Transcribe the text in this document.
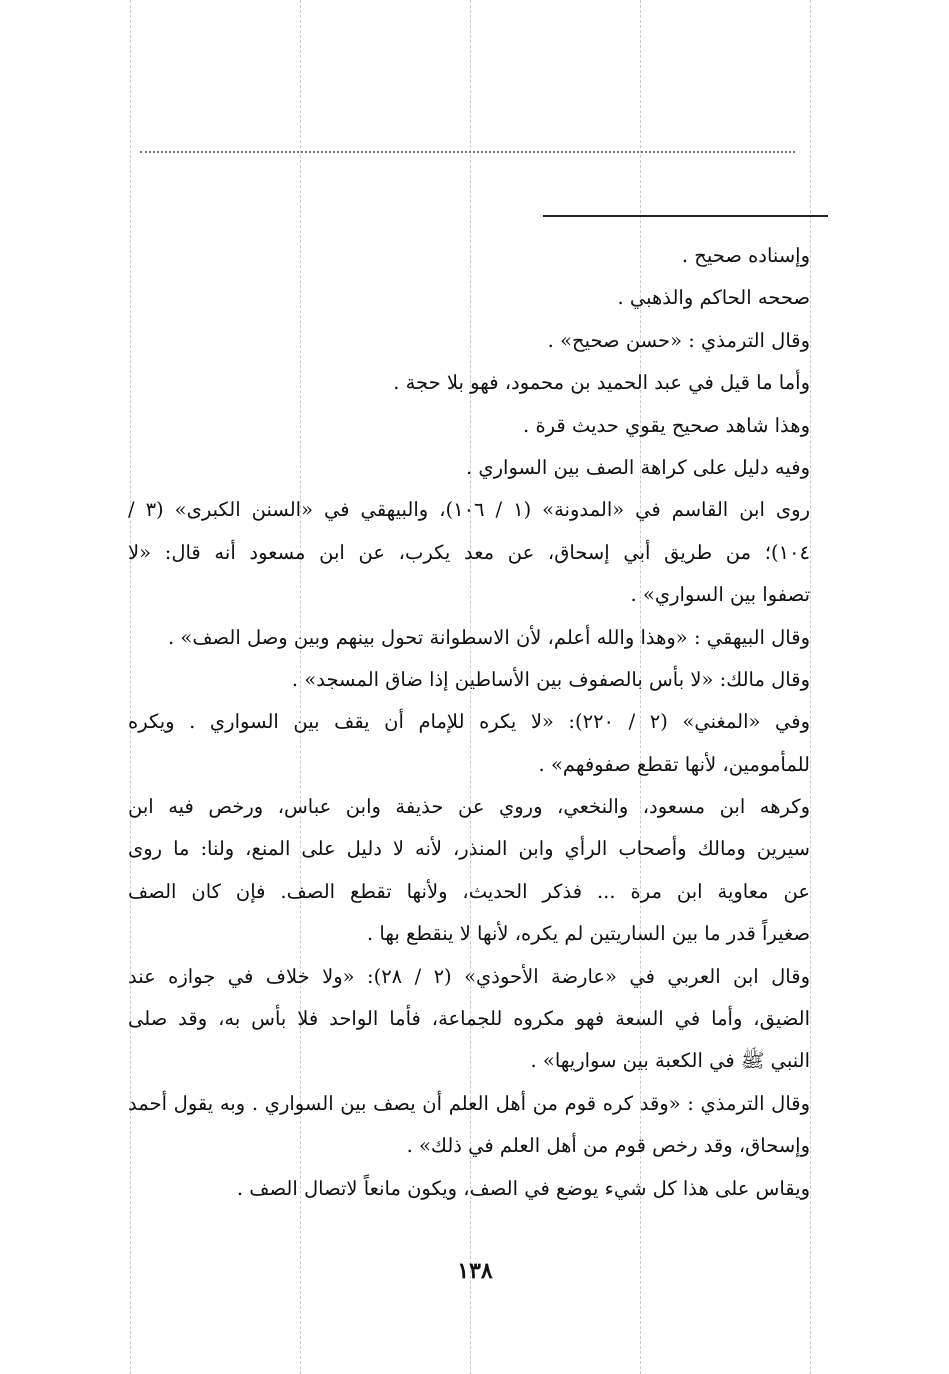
وإسناده صحيح .
صححه الحاكم والذهبي .
وقال الترمذي : «حسن صحيح» .
وأما ما قيل في عبد الحميد بن محمود، فهو بلا حجة .
وهذا شاهد صحيح يقوي حديث قرة .
وفيه دليل على كراهة الصف بين السواري .
روى ابن القاسم في «المدونة» (١ / ١٠٦)، والبيهقي في «السنن الكبرى» (٣ /
١٠٤)؛ من طريق أبي إسحاق، عن معد يكرب، عن ابن مسعود أنه قال: «لا
تصفوا بين السواري» .
وقال البيهقي : «وهذا والله أعلم، لأن الاسطوانة تحول بينهم وبين وصل الصف» .
وقال مالك: «لا بأس بالصفوف بين الأساطين إذا ضاق المسجد» .
وفي «المغني» (٢ / ٢٢٠): «لا يكره للإمام أن يقف بين السواري . ويكره
للمأمومين، لأنها تقطع صفوفهم» .
وكرهه ابن مسعود، والنخعي، وروي عن حذيفة وابن عباس، ورخص فيه ابن
سيرين ومالك وأصحاب الرأي وابن المنذر، لأنه لا دليل على المنع، ولنا: ما روى
عن معاوية ابن مرة ... فذكر الحديث، ولأنها تقطع الصف. فإن كان الصف
صغيراً قدر ما بين الساريتين لم يكره، لأنها لا ينقطع بها .
وقال ابن العربي في «عارضة الأحوذي» (٢ / ٢٨): «ولا خلاف في جوازه عند
الضيق، وأما في السعة فهو مكروه للجماعة، فأما الواحد فلا بأس به، وقد صلى
النبي ﷺ في الكعبة بين سواريها» .
وقال الترمذي : «وقد كره قوم من أهل العلم أن يصف بين السواري . وبه يقول أحمد
وإسحاق، وقد رخص قوم من أهل العلم في ذلك» .
ويقاس على هذا كل شيء يوضع في الصف، ويكون مانعاً لاتصال الصف .
١٣٨
